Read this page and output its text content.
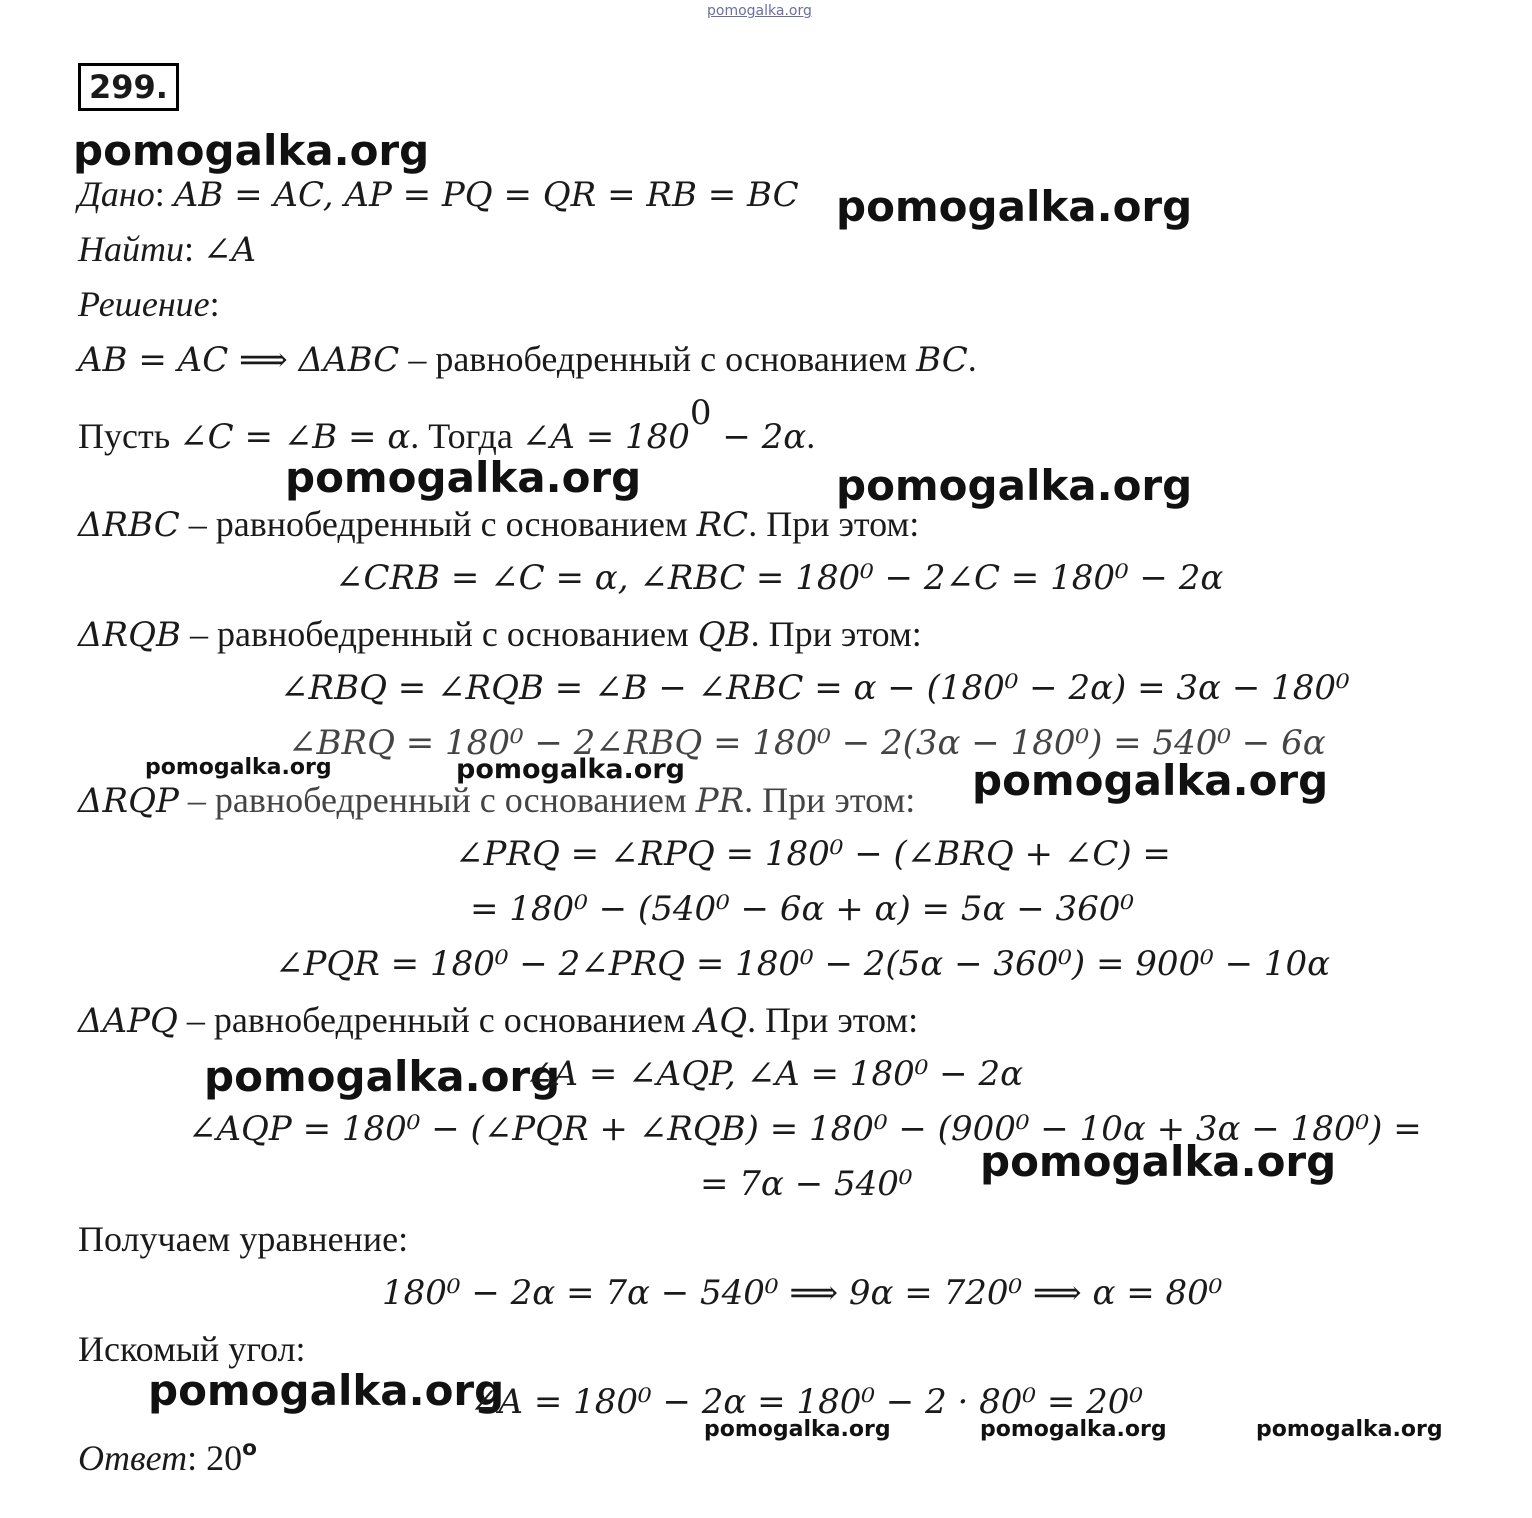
pomogalka.org
299.
pomogalka.org
pomogalka.org
pomogalka.org	pomogalka.org
pomogalka.org	pomogalka.org	pomogalka.org
pomogalka.org
pomogalka.org
pomogalka.org
pomogalka.org	pomogalka.org	pomogalka.org
Дано: AB = AC, AP = PQ = QR = RB = BC
Найти: ∠A
Решение:
AB = AC ⟹ ΔABC – равнобедренный с основанием BC.
Пусть ∠C = ∠B = α. Тогда ∠A = $180^0 - 2\alpha$.
ΔRBC – равнобедренный с основанием RC. При этом:
∠CRB = ∠C = α, ∠RBC = 180⁰ − 2∠C = 180⁰ − 2α
ΔRQB – равнобедренный с основанием QB. При этом:
∠RBQ = ∠RQB = ∠B − ∠RBC = α − (180⁰ − 2α) = 3α − 180⁰
∠BRQ = 180⁰ − 2∠RBQ = 180⁰ − 2(3α − 180⁰) = 540⁰ − 6α
ΔRQP – равнобедренный с основанием PR. При этом:
∠PRQ = ∠RPQ = 180⁰ − (∠BRQ + ∠C) =
= 180⁰ − (540⁰ − 6α + α) = 5α − 360⁰
∠PQR = 180⁰ − 2∠PRQ = 180⁰ − 2(5α − 360⁰) = 900⁰ − 10α
ΔAPQ – равнобедренный с основанием AQ. При этом:
∠A = ∠AQP, ∠A = 180⁰ − 2α
∠AQP = 180⁰ − (∠PQR + ∠RQB) = 180⁰ − (900⁰ − 10α + 3α − 180⁰) =
= 7α − 540⁰
Получаем уравнение:
180⁰ − 2α = 7α − 540⁰ ⟹ 9α = 720⁰ ⟹ α = 80⁰
Искомый угол:
∠A = 180⁰ − 2α = 180⁰ − 2 · 80⁰ = 20⁰
Ответ: 20$^o$
